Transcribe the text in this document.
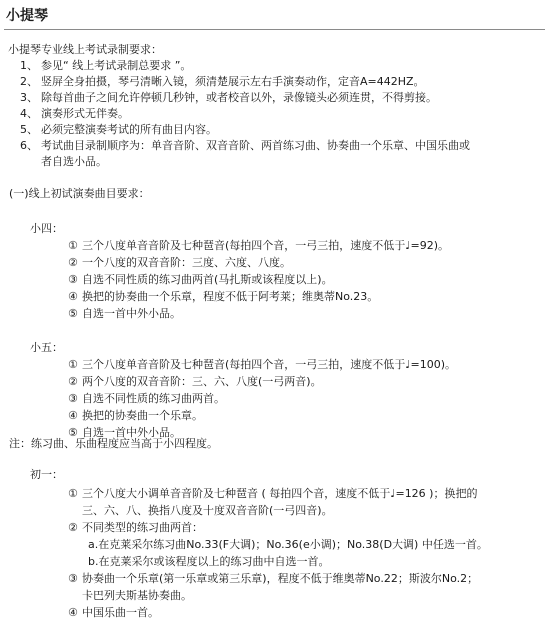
小提琴
小提琴专业线上考试录制要求：
1、 参见“ 线上考试录制总要求 ”。
2、 竖屏全身拍摄，琴弓清晰入镜，须清楚展示左右手演奏动作，定音A=442HZ。
3、 除每首曲子之间允许停顿几秒钟，或者校音以外，录像镜头必须连贯，不得剪接。
4、 演奏形式无伴奏。
5、 必须完整演奏考试的所有曲目内容。
6、 考试曲目录制顺序为：单音音阶、双音音阶、两首练习曲、协奏曲一个乐章、中国乐曲或
者自选小品。
(一)线上初试演奏曲目要求：
小四：
① 三个八度单音音阶及七种琶音(每拍四个音，一弓三拍，速度不低于♩=92)。
② 一个八度的双音音阶：三度、六度、八度。
③ 自选不同性质的练习曲两首(马扎斯或该程度以上)。
④ 换把的协奏曲一个乐章，程度不低于阿考莱；维奥蒂No.23。
⑤ 自选一首中外小品。
小五：
① 三个八度单音音阶及七种琶音(每拍四个音，一弓三拍，速度不低于♩=100)。
② 两个八度的双音音阶：三、六、八度(一弓两音)。
③ 自选不同性质的练习曲两首。
④ 换把的协奏曲一个乐章。
⑤ 自选一首中外小品。
注：练习曲、乐曲程度应当高于小四程度。
初一：
① 三个八度大小调单音音阶及七种琶音 ( 每拍四个音，速度不低于♩=126 )；换把的
三、六、八、换指八度及十度双音音阶(一弓四音)。
② 不同类型的练习曲两首：
a.在克莱采尔练习曲No.33(F大调)；No.36(e小调)；No.38(D大调) 中任选一首。
b.在克莱采尔或该程度以上的练习曲中自选一首。
③ 协奏曲一个乐章(第一乐章或第三乐章)，程度不低于维奥蒂No.22；斯波尔No.2；
卡巴列夫斯基协奏曲。
④ 中国乐曲一首。
